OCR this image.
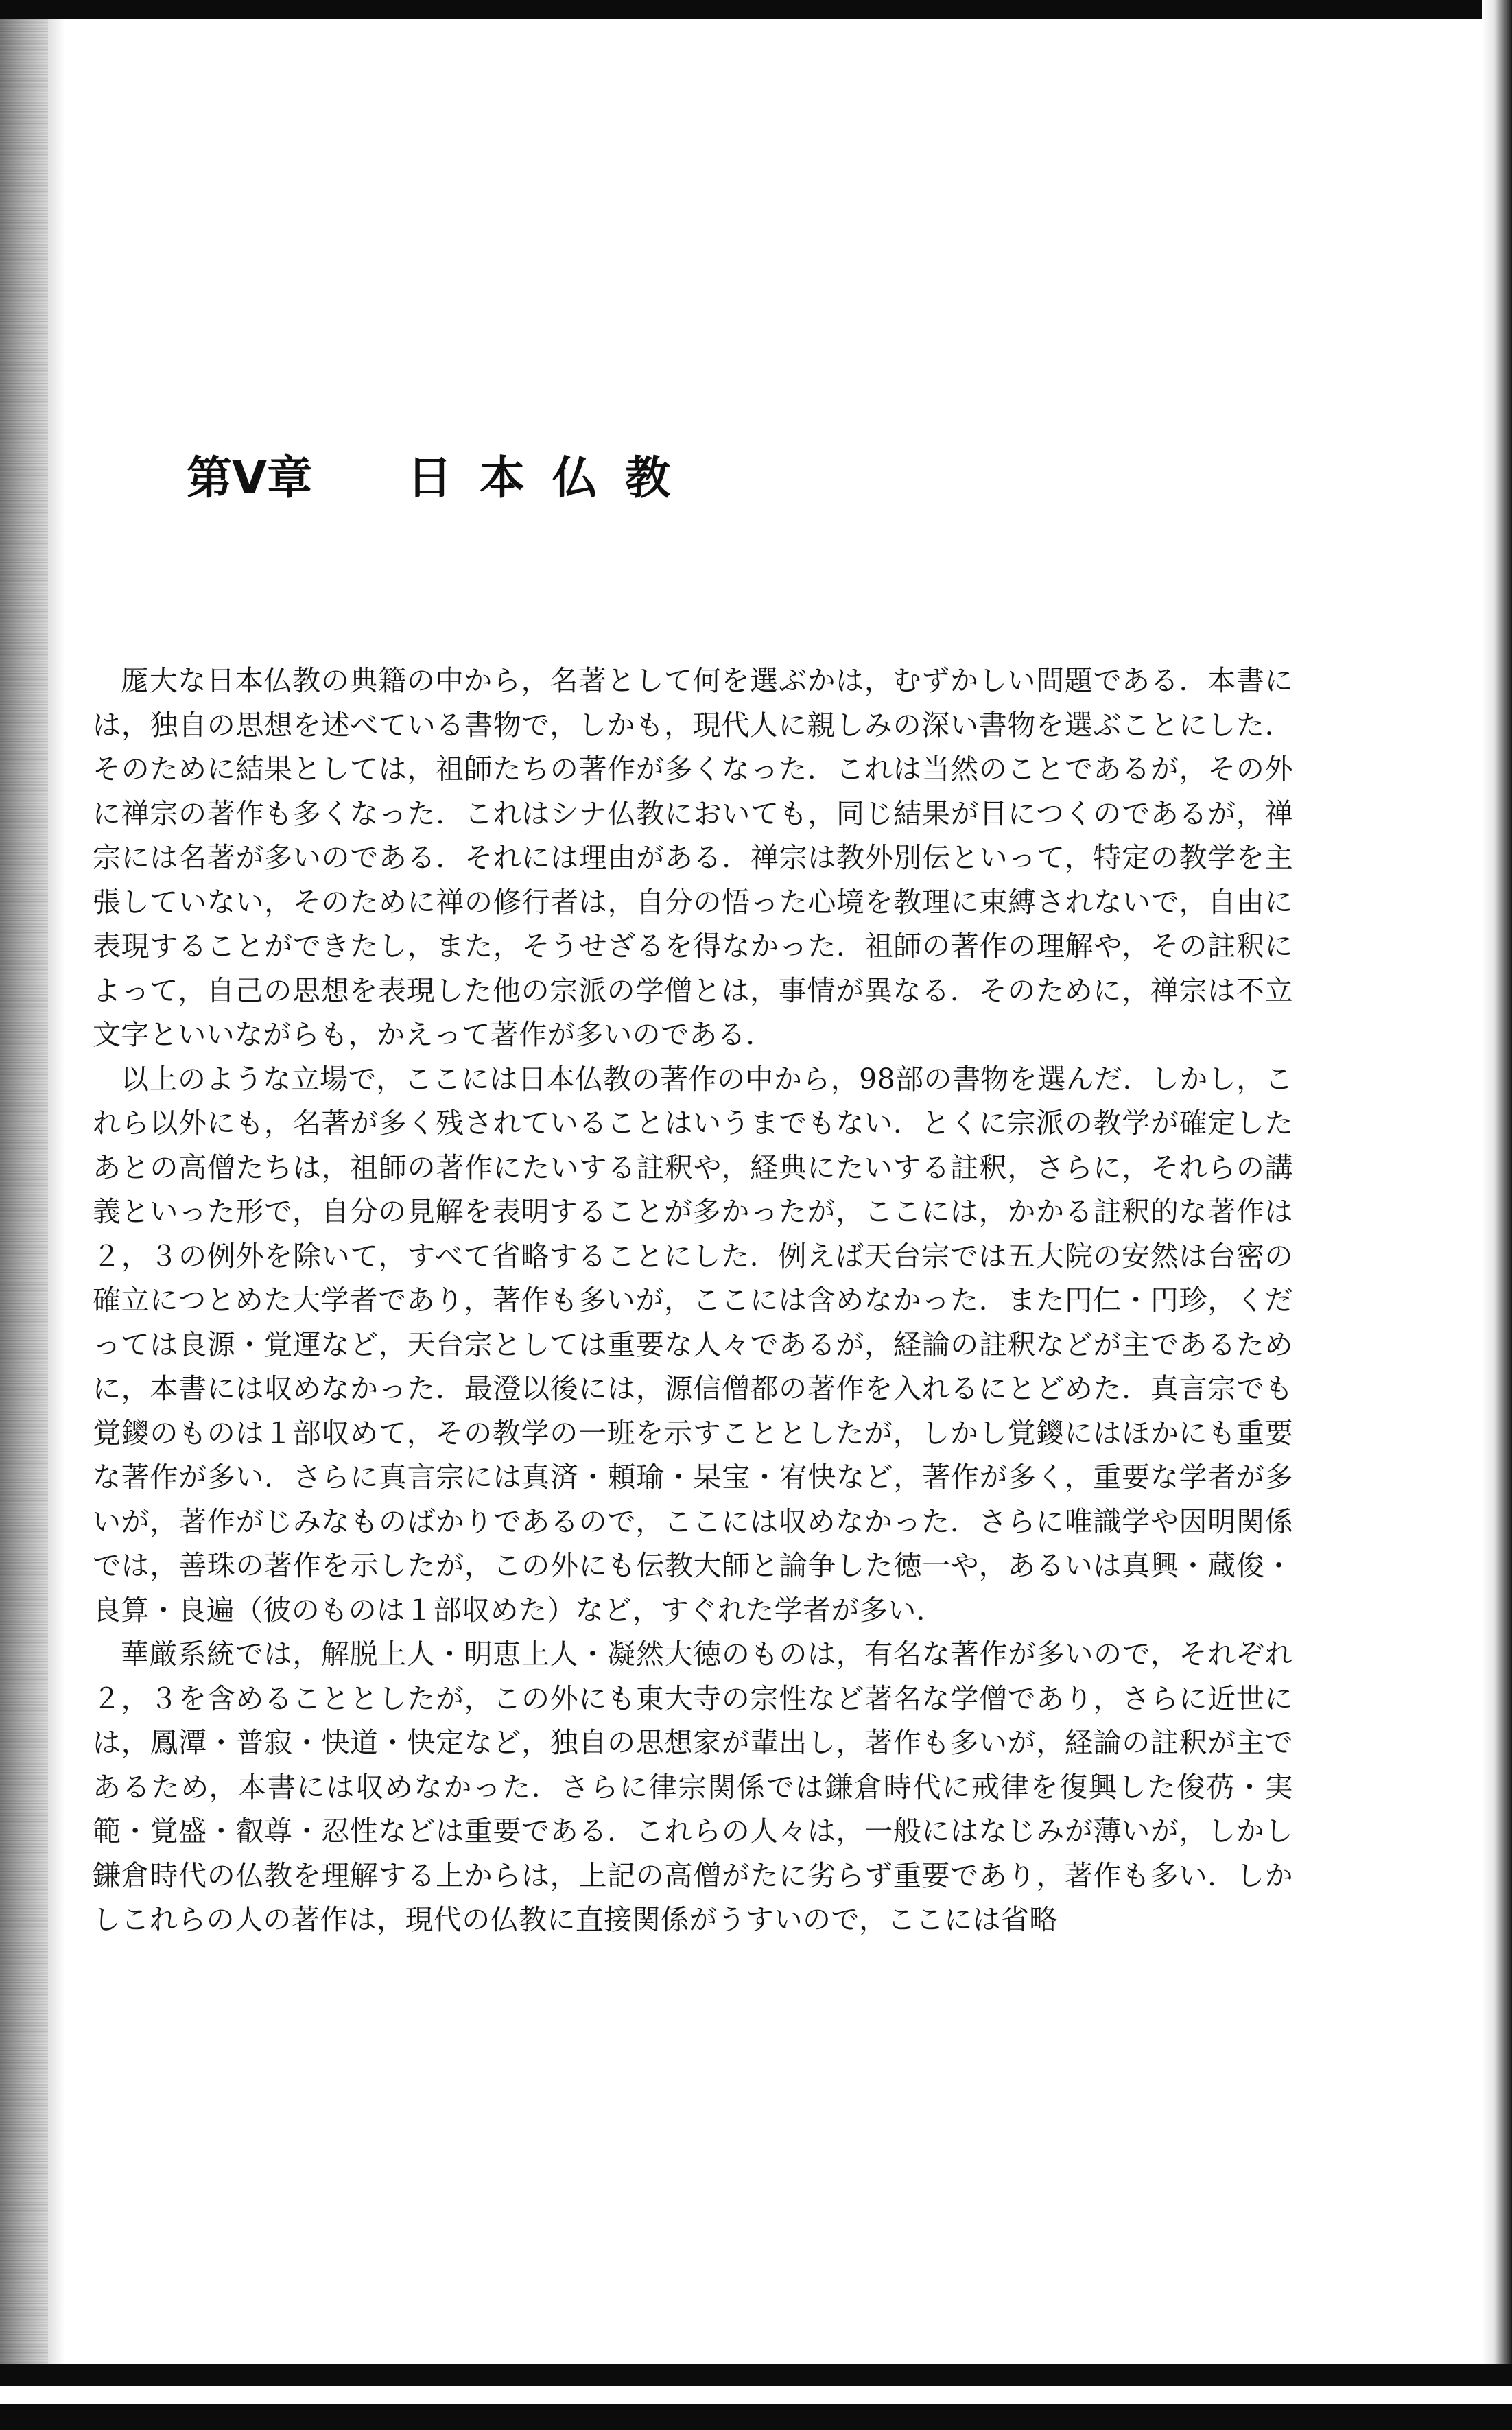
第Ⅴ章 日本仏教

厖大な日本仏教の典籍の中から，名著として何を選ぶかは，むずかしい問題である．本書には，独自の思想を述べている書物で，しかも，現代人に親しみの深い書物を選ぶことにした．そのために結果としては，祖師たちの著作が多くなった．これは当然のことであるが，その外に禅宗の著作も多くなった．これはシナ仏教においても，同じ結果が目につくのであるが，禅宗には名著が多いのである．それには理由がある．禅宗は教外別伝といって，特定の教学を主張していない，そのために禅の修行者は，自分の悟った心境を教理に束縛されないで，自由に表現することができたし，また，そうせざるを得なかった．祖師の著作の理解や，その註釈によって，自己の思想を表現した他の宗派の学僧とは，事情が異なる．そのために，禅宗は不立文字といいながらも，かえって著作が多いのである．

以上のような立場で，ここには日本仏教の著作の中から，98部の書物を選んだ．しかし，これら以外にも，名著が多く残されていることはいうまでもない．とくに宗派の教学が確定したあとの高僧たちは，祖師の著作にたいする註釈や，経典にたいする註釈，さらに，それらの講義といった形で，自分の見解を表明することが多かったが，ここには，かかる註釈的な著作は２，３の例外を除いて，すべて省略することにした．例えば天台宗では五大院の安然は台密の確立につとめた大学者であり，著作も多いが，ここには含めなかった．また円仁・円珍，くだっては良源・覚運など，天台宗としては重要な人々であるが，経論の註釈などが主であるために，本書には収めなかった．最澄以後には，源信僧都の著作を入れるにとどめた．真言宗でも覚鑁のものは１部収めて，その教学の一班を示すこととしたが，しかし覚鑁にはほかにも重要な著作が多い．さらに真言宗には真済・頼瑜・杲宝・宥快など，著作が多く，重要な学者が多いが，著作がじみなものばかりであるので，ここには収めなかった．さらに唯識学や因明関係では，善珠の著作を示したが，この外にも伝教大師と論争した徳一や，あるいは真興・蔵俊・良算・良遍（彼のものは１部収めた）など，すぐれた学者が多い．

華厳系統では，解脱上人・明恵上人・凝然大徳のものは，有名な著作が多いので，それぞれ２，３を含めることとしたが，この外にも東大寺の宗性など著名な学僧であり，さらに近世には，鳳潭・普寂・快道・快定など，独自の思想家が輩出し，著作も多いが，経論の註釈が主であるため，本書には収めなかった．さらに律宗関係では鎌倉時代に戒律を復興した俊芿・実範・覚盛・叡尊・忍性などは重要である．これらの人々は，一般にはなじみが薄いが，しかし鎌倉時代の仏教を理解する上からは，上記の高僧がたに劣らず重要であり，著作も多い．しかしこれらの人の著作は，現代の仏教に直接関係がうすいので，ここには省略
